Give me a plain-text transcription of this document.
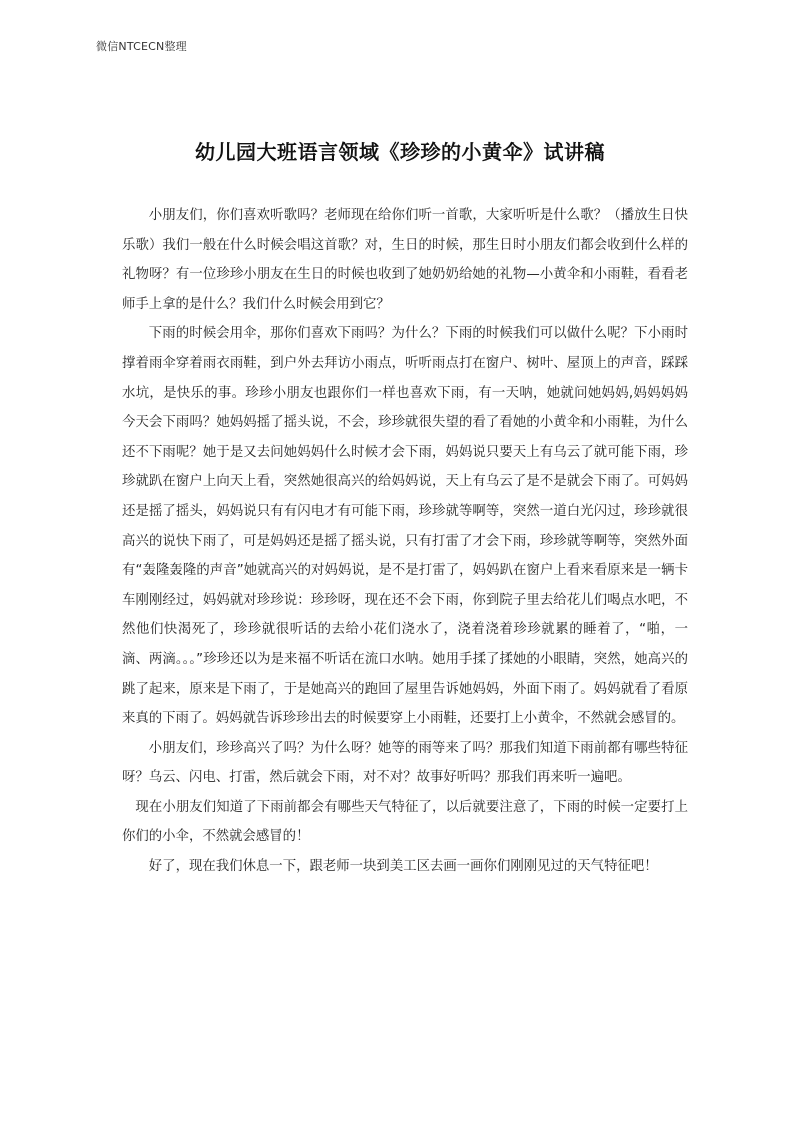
微信NTCECN整理
幼儿园大班语言领域《珍珍的小黄伞》试讲稿

小朋友们，你们喜欢听歌吗？老师现在给你们听一首歌，大家听听是什么歌？（播放生日快乐歌）我们一般在什么时候会唱这首歌？对，生日的时候，那生日时小朋友们都会收到什么样的礼物呀？有一位珍珍小朋友在生日的时候也收到了她奶奶给她的礼物—小黄伞和小雨鞋，看看老师手上拿的是什么？我们什么时候会用到它？

下雨的时候会用伞，那你们喜欢下雨吗？为什么？下雨的时候我们可以做什么呢？下小雨时撑着雨伞穿着雨衣雨鞋，到户外去拜访小雨点，听听雨点打在窗户、树叶、屋顶上的声音，踩踩水坑，是快乐的事。珍珍小朋友也跟你们一样也喜欢下雨，有一天呐，她就问她妈妈,妈妈妈妈今天会下雨吗？她妈妈摇了摇头说，不会，珍珍就很失望的看了看她的小黄伞和小雨鞋，为什么还不下雨呢？她于是又去问她妈妈什么时候才会下雨，妈妈说只要天上有乌云了就可能下雨，珍珍就趴在窗户上向天上看，突然她很高兴的给妈妈说，天上有乌云了是不是就会下雨了。可妈妈还是摇了摇头，妈妈说只有有闪电才有可能下雨，珍珍就等啊等，突然一道白光闪过，珍珍就很高兴的说快下雨了，可是妈妈还是摇了摇头说，只有打雷了才会下雨，珍珍就等啊等，突然外面有“轰隆轰隆的声音”她就高兴的对妈妈说，是不是打雷了，妈妈趴在窗户上看来看原来是一辆卡车刚刚经过，妈妈就对珍珍说：珍珍呀，现在还不会下雨，你到院子里去给花儿们喝点水吧，不然他们快渴死了，珍珍就很听话的去给小花们浇水了，浇着浇着珍珍就累的睡着了，“啪，一滴、两滴。。。”珍珍还以为是来福不听话在流口水呐。她用手揉了揉她的小眼睛，突然，她高兴的跳了起来，原来是下雨了，于是她高兴的跑回了屋里告诉她妈妈，外面下雨了。妈妈就看了看原来真的下雨了。妈妈就告诉珍珍出去的时候要穿上小雨鞋，还要打上小黄伞，不然就会感冒的。

小朋友们，珍珍高兴了吗？为什么呀？她等的雨等来了吗？那我们知道下雨前都有哪些特征呀？乌云、闪电、打雷，然后就会下雨，对不对？故事好听吗？那我们再来听一遍吧。

现在小朋友们知道了下雨前都会有哪些天气特征了，以后就要注意了，下雨的时候一定要打上你们的小伞，不然就会感冒的！

好了，现在我们休息一下，跟老师一块到美工区去画一画你们刚刚见过的天气特征吧！
